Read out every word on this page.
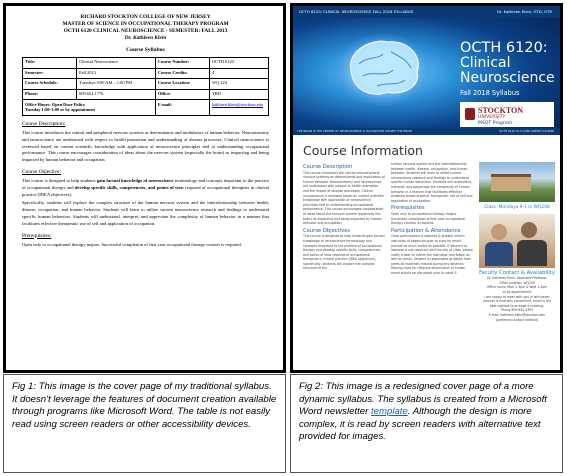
RICHARD STOCKTON COLLEGE OF NEW JERSEY
MASTER OF SCIENCE IN OCCUPATIONAL THERAPY PROGRAM
OCTH 6120 CLINICAL NEUROSCIENCE - SEMESTER: FALL 2013
Dr. Kathleen Klein
Course Syllabus
Title:	Clinical Neuroscience	Course Number:	OCTH 6120
Semester:	Fall 2013	Course Credits:	4
Course Schedule:	Tuesdays 9:00 AM – 1:00 PM	Course Location:	WQ 224
Phone:	609.652.1776	Office:	TBD
Office Hours: Open Door Policy
Tuesday 1:00-3:00 or by appointment		E-mail:	kathleen.klein@stockton.edu
Course Description:

This course introduces the central and peripheral nervous systems as determinants and modulators of human behavior. Neuroanatomy and neuroscience are understood with respect to health promotion and understanding of disease processes. Clinical neuroscience is reviewed based on current scientific knowledge with application of neuroscience principles tied to understanding occupational performance. This course encourages consideration of ideas about the nervous system (especially the brain) as impacting and being impacted by human behavior and occupation.

Course Objective:

This course is designed to help students gain factual knowledge of neuroscience terminology and concepts important to the practice of occupational therapy and develop specific skills, competencies, and points of view required of occupational therapists in clinical practice (IDEA objectives).

Specifically, students will explore the complex structure of the human nervous system and the interrelationship between health, disease, occupation, and human behavior. Students will learn to utilize current neuroscience research and findings to understand specific human behaviors. Students will understand, interpret, and appreciate the complexity of human behavior in a manner that facilitates effective therapeutic use of self and application of occupation.

Prerequisites:

Open only to occupational therapy majors. Successful completion of first year occupational therapy courses is required.

OCTH 6120: CLINICAL NEUROSCIENCE FALL 2018 SYLLABUS	Dr. Kathleen Klein, OTD, OTR
OCTH 6120:
Clinical
Neuroscience
Fall 2018 Syllabus
STOCKTON
UNIVERSITY
MSOT Program
THE BRAIN IS THE CENTER OF NEUROSCIENCE & OCCUPATION SHAPES THE BRAIN	OCTH 6120 IS A CORE CREDIT COURSE
Course Information
Course Description
This course introduces the central and peripheral nervous systems as determinants and modulators of human behavior. Neuroanatomy and neuroscience are understood with respect to health promotion and the impact of disease processes. Clinical neuroscience is reviewed based on current scientific knowledge with application of neuroscience principles tied to understanding occupational performance. This course encourages consideration of ideas about the nervous system (especially the brain) as impacting and being impacted by human behavior and occupation.
Course Objectives
This course is designed to help students gain factual knowledge of neuroscience terminology and concepts important to the practice of occupational therapy and develop specific skills, competencies, and points of view required of occupational therapists in clinical practice (IDEA objectives). Specifically, students will explore the complex structure of the
human nervous system and the interrelationship between health, disease, occupation, and human behavior. Students will learn to utilize current neuroscience research and findings to understand specific human behaviors. Students will understand, interpret, and appreciate the complexity of human behavior in a manner that facilitates effective evidence-based practice, therapeutic use of self and application of occupation.
Prerequisites
Open only to occupational therapy majors. Successful completion of first year occupational therapy courses is required.
Participation & Attendance
Class participation is required & graded. Inform instructor of absences prior to class by email; provide as much notice as possible. If absence or lateness is not resolved until the day of class, please notify a peer to inform the instructor and follow up with an email. Student is responsible to obtain from peers all materials missed during any absence. Missing class for religious observation or known event should be discussed prior to week 3.
Class: Mondays 9-1 in WQ208
Faculty Contact & Availability
Dr. Kathleen Klein, Associate Professor
Office location: WQ209
Office hours: Mon 1-3pm & Wed 1-3pm
or by appointment
I am happy to meet with you in whichever
manner is mutually convenient, email is the
best method to arrange a meeting.
Phone 609.652.4395
E-mail: kathleen.klein@stockton.edu
(preferred contact method)
Fig 1: This image is the cover page of my traditional syllabus. It doesn't leverage the features of document creation available through programs like Microsoft Word. The table is not easily read using screen readers or other accessibility devices.
Fig 2: This image is a redesigned cover page of a more dynamic syllabus. The syllabus is created from a Microsoft Word newsletter template. Although the design is more complex, it is read by screen readers with alternative text provided for images.
